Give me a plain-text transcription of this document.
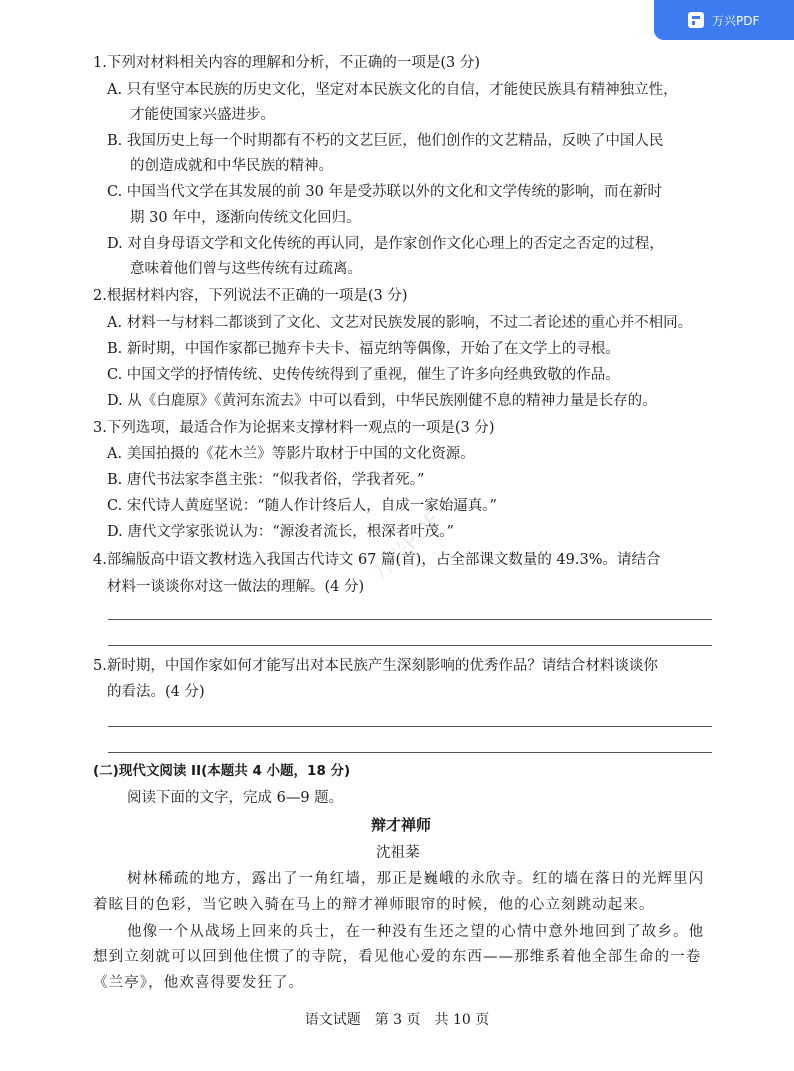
万兴PDF
万兴PDF
1.下列对材料相关内容的理解和分析，不正确的一项是(3 分)
A. 只有坚守本民族的历史文化，坚定对本民族文化的自信，才能使民族具有精神独立性，
才能使国家兴盛进步。
B. 我国历史上每一个时期都有不朽的文艺巨匠，他们创作的文艺精品，反映了中国人民
的创造成就和中华民族的精神。
C. 中国当代文学在其发展的前 30 年是受苏联以外的文化和文学传统的影响，而在新时
期 30 年中，逐渐向传统文化回归。
D. 对自身母语文学和文化传统的再认同，是作家创作文化心理上的否定之否定的过程，
意味着他们曾与这些传统有过疏离。
2.根据材料内容，下列说法不正确的一项是(3 分)
A. 材料一与材料二都谈到了文化、文艺对民族发展的影响，不过二者论述的重心并不相同。
B. 新时期，中国作家都已抛弃卡夫卡、福克纳等偶像，开始了在文学上的寻根。
C. 中国文学的抒情传统、史传传统得到了重视，催生了许多向经典致敬的作品。
D. 从《白鹿原》《黄河东流去》中可以看到，中华民族刚健不息的精神力量是长存的。
3.下列选项，最适合作为论据来支撑材料一观点的一项是(3 分)
A. 美国拍摄的《花木兰》等影片取材于中国的文化资源。
B. 唐代书法家李邕主张：“似我者俗，学我者死。”
C. 宋代诗人黄庭坚说：“随人作计终后人，自成一家始逼真。”
D. 唐代文学家张说认为：“源浚者流长，根深者叶茂。”
4.部编版高中语文教材选入我国古代诗文 67 篇(首)，占全部课文数量的 49.3%。请结合
材料一谈谈你对这一做法的理解。(4 分)
5.新时期，中国作家如何才能写出对本民族产生深刻影响的优秀作品？请结合材料谈谈你
的看法。(4 分)
(二)现代文阅读 II(本题共 4 小题，18 分)
阅读下面的文字，完成 6—9 题。
辩才禅师
沈祖棻
树林稀疏的地方，露出了一角红墙，那正是巍峨的永欣寺。红的墙在落日的光辉里闪
着眩目的色彩，当它映入骑在马上的辩才禅师眼帘的时候，他的心立刻跳动起来。
他像一个从战场上回来的兵士，在一种没有生还之望的心情中意外地回到了故乡。他
想到立刻就可以回到他住惯了的寺院，看见他心爱的东西——那维系着他全部生命的一卷
《兰亭》，他欢喜得要发狂了。
语文试题　第 3 页　共 10 页
